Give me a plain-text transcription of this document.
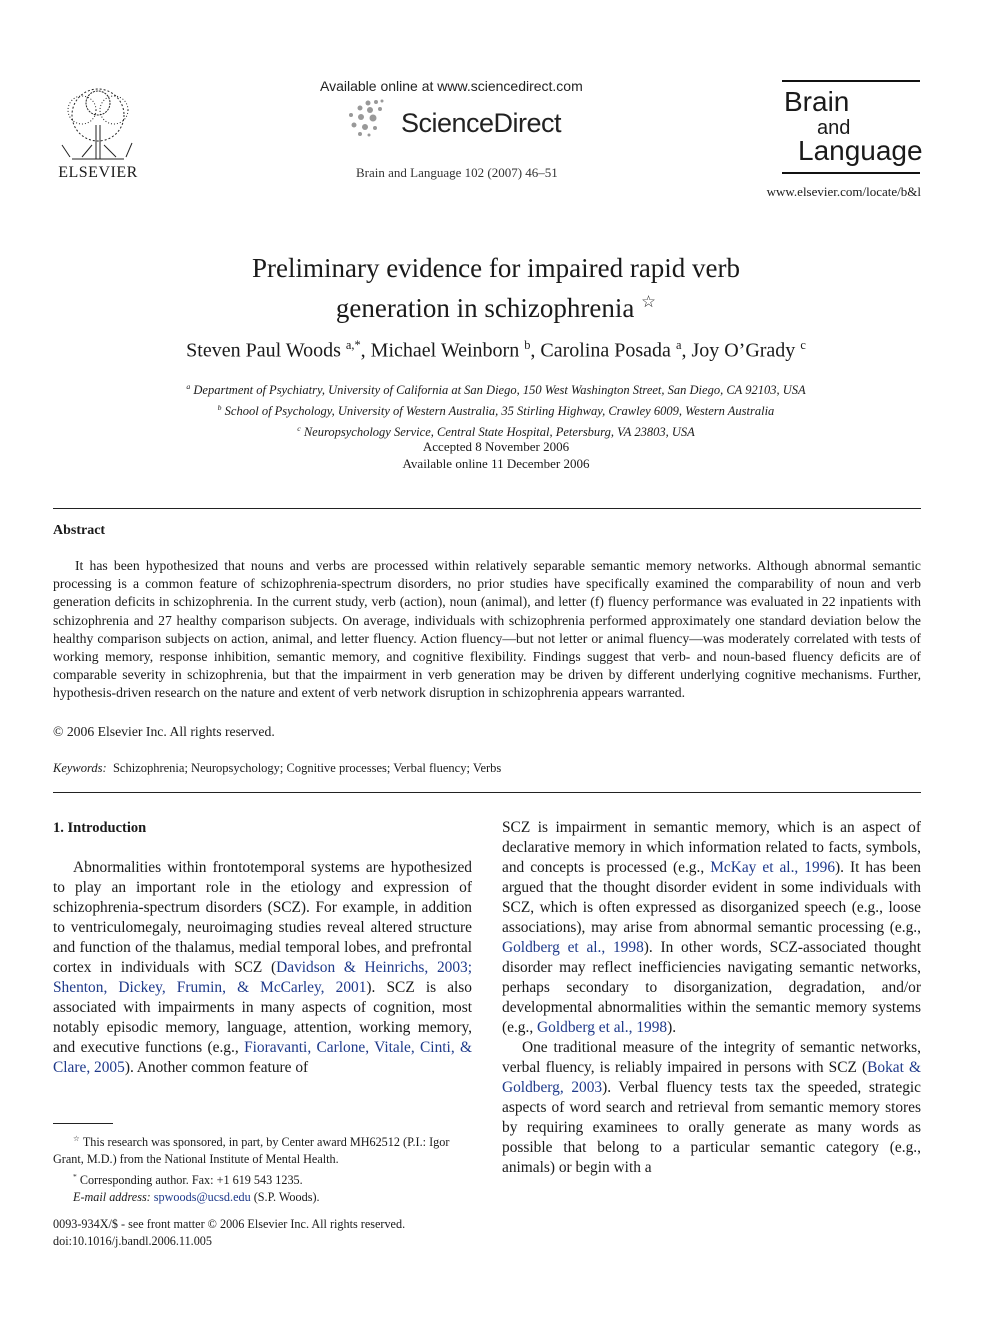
ELSEVIER
Available online at www.sciencedirect.com
ScienceDirect
Brain and Language 102 (2007) 46–51
Brain
and
Language
www.elsevier.com/locate/b&l
Preliminary evidence for impaired rapid verb
generation in schizophrenia ☆
Steven Paul Woods $^{a,*}$, Michael Weinborn $^b$, Carolina Posada $^a$, Joy O’Grady $^c$
$^a$ Department of Psychiatry, University of California at San Diego, 150 West Washington Street, San Diego, CA 92103, USA
$^b$ School of Psychology, University of Western Australia, 35 Stirling Highway, Crawley 6009, Western Australia
$^c$ Neuropsychology Service, Central State Hospital, Petersburg, VA 23803, USA
Accepted 8 November 2006
Available online 11 December 2006
Abstract
It has been hypothesized that nouns and verbs are processed within relatively separable semantic memory networks. Although abnormal semantic processing is a common feature of schizophrenia-spectrum disorders, no prior studies have specifically examined the comparability of noun and verb generation deficits in schizophrenia. In the current study, verb (action), noun (animal), and letter (f) fluency performance was evaluated in 22 inpatients with schizophrenia and 27 healthy comparison subjects. On average, individuals with schizophrenia performed approximately one standard deviation below the healthy comparison subjects on action, animal, and letter fluency. Action fluency—but not letter or animal fluency—was moderately correlated with tests of working memory, response inhibition, semantic memory, and cognitive flexibility. Findings suggest that verb- and noun-based fluency deficits are of comparable severity in schizophrenia, but that the impairment in verb generation may be driven by different underlying cognitive mechanisms. Further, hypothesis-driven research on the nature and extent of verb network disruption in schizophrenia appears warranted.
© 2006 Elsevier Inc. All rights reserved.
Keywords: Schizophrenia; Neuropsychology; Cognitive processes; Verbal fluency; Verbs
1. Introduction

Abnormalities within frontotemporal systems are hypothesized to play an important role in the etiology and expression of schizophrenia-spectrum disorders (SCZ). For example, in addition to ventriculomegaly, neuroimaging studies reveal altered structure and function of the thalamus, medial temporal lobes, and prefrontal cortex in individuals with SCZ (Davidson & Heinrichs, 2003; Shenton, Dickey, Frumin, & McCarley, 2001). SCZ is also associated with impairments in many aspects of cognition, most notably episodic memory, language, attention, working memory, and executive functions (e.g., Fioravanti, Carlone, Vitale, Cinti, & Clare, 2005). Another common feature of

SCZ is impairment in semantic memory, which is an aspect of declarative memory in which information related to facts, symbols, and concepts is processed (e.g., McKay et al., 1996). It has been argued that the thought disorder evident in some individuals with SCZ, which is often expressed as disorganized speech (e.g., loose associations), may arise from abnormal semantic processing (e.g., Goldberg et al., 1998). In other words, SCZ-associated thought disorder may reflect inefficiencies navigating semantic networks, perhaps secondary to disorganization, degradation, and/or developmental abnormalities within the semantic memory systems (e.g., Goldberg et al., 1998).

One traditional measure of the integrity of semantic networks, verbal fluency, is reliably impaired in persons with SCZ (Bokat & Goldberg, 2003). Verbal fluency tests tax the speeded, strategic aspects of word search and retrieval from semantic memory stores by requiring examinees to orally generate as many words as possible that belong to a particular semantic category (e.g., animals) or begin with a

☆ This research was sponsored, in part, by Center award MH62512 (P.I.: Igor Grant, M.D.) from the National Institute of Mental Health.

* Corresponding author. Fax: +1 619 543 1235.

E-mail address: spwoods@ucsd.edu (S.P. Woods).

0093-934X/$ - see front matter © 2006 Elsevier Inc. All rights reserved.
doi:10.1016/j.bandl.2006.11.005
